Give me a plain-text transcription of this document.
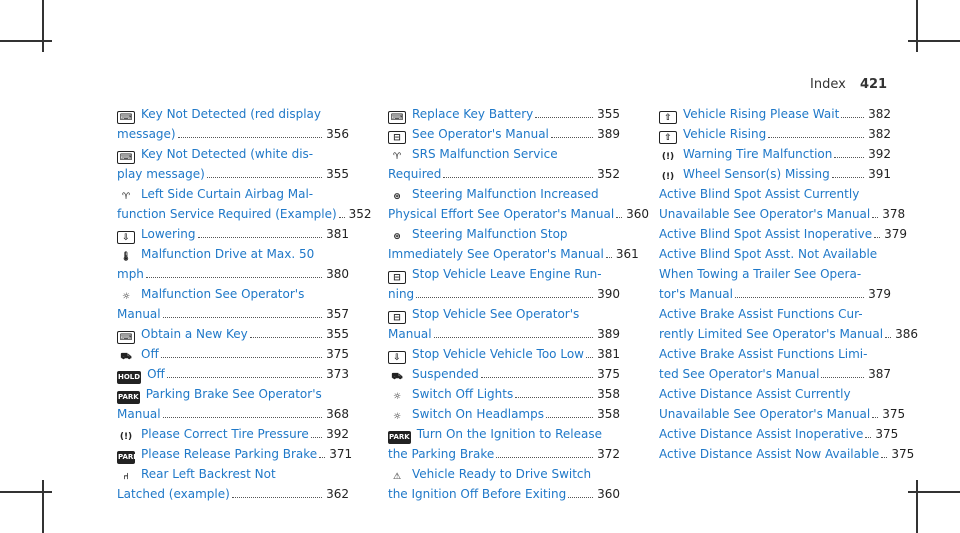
Index 421
⌨ Key Not Detected (red display
message)	356
⌨ Key Not Detected (white dis-
play message)	355
♈ Left Side Curtain Airbag Mal-
function Service Required (Example) 352
⇩ Lowering	381
🌡 Malfunction Drive at Max. 50
mph	380
☼ Malfunction See Operator's
Manual	357
⌨ Obtain a New Key	355
⛟ Off	375
HOLD Off	373
PARK Parking Brake See Operator's
Manual	368
(!) Please Correct Tire Pressure 392
PARK Please Release Parking Brake 371
⑁	Rear Left Backrest Not
Latched (example)	362
⌨ Replace Key Battery	355
⊟ See Operator's Manual	389
♈ SRS Malfunction Service
Required	352
⊛ Steering Malfunction Increased
Physical Effort See Operator's Manual 360
⊛ Steering Malfunction Stop
Immediately See Operator's Manual 361
⊟ Stop Vehicle Leave Engine Run-
ning	390
⊟ Stop Vehicle See Operator's
Manual	389
⇩ Stop Vehicle Vehicle Too Low 381
⛟ Suspended	375
☼ Switch Off Lights	358
☼ Switch On Headlamps	358
PARK Turn On the Ignition to Release
the Parking Brake	372
⚠ Vehicle Ready to Drive Switch
the Ignition Off Before Exiting	360
⇧ Vehicle Rising Please Wait 382
⇧ Vehicle Rising	382
(!) Warning Tire Malfunction	392
(!) Wheel Sensor(s) Missing	391
Active Blind Spot Assist Currently
Unavailable See Operator's Manual 378
Active Blind Spot Assist Inoperative 379
Active Blind Spot Asst. Not Available
When Towing a Trailer See Opera-
tor's Manual	379
Active Brake Assist Functions Cur-
rently Limited See Operator's Manual 386
Active Brake Assist Functions Limi-
ted See Operator's Manual	387
Active Distance Assist Currently
Unavailable See Operator's Manual 375
Active Distance Assist Inoperative 375
Active Distance Assist Now Available 375
